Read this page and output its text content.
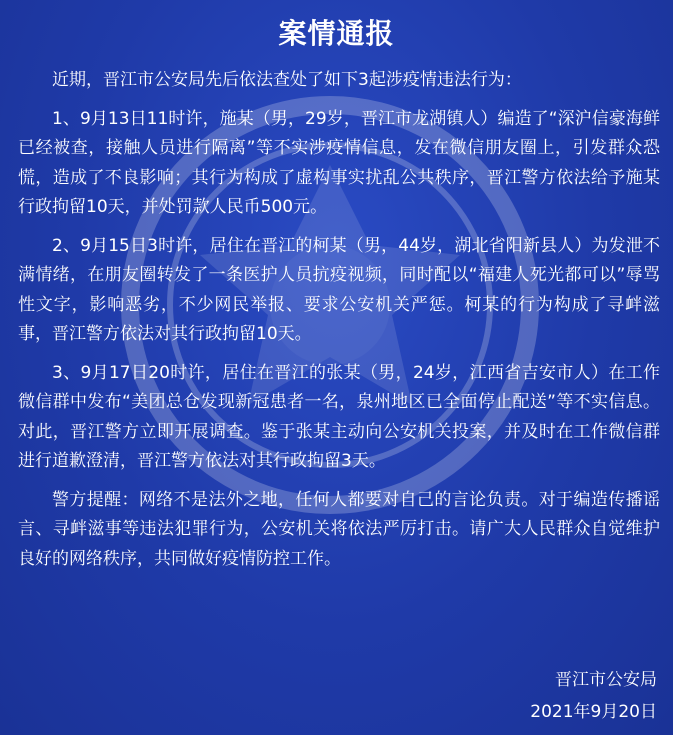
案情通报

近期，晋江市公安局先后依法查处了如下3起涉疫情违法行为：

1、9月13日11时许，施某（男，29岁，晋江市龙湖镇人）编造了“深沪信豪海鲜已经被查，接触人员进行隔离”等不实涉疫情信息，发在微信朋友圈上，引发群众恐慌，造成了不良影响；其行为构成了虚构事实扰乱公共秩序，晋江警方依法给予施某行政拘留10天，并处罚款人民币500元。

2、9月15日3时许，居住在晋江的柯某（男，44岁，湖北省阳新县人）为发泄不满情绪，在朋友圈转发了一条医护人员抗疫视频，同时配以“福建人死光都可以”辱骂性文字，影响恶劣，不少网民举报、要求公安机关严惩。柯某的行为构成了寻衅滋事，晋江警方依法对其行政拘留10天。

3、9月17日20时许，居住在晋江的张某（男，24岁，江西省吉安市人）在工作微信群中发布“美团总仓发现新冠患者一名，泉州地区已全面停止配送”等不实信息。对此，晋江警方立即开展调查。鉴于张某主动向公安机关投案，并及时在工作微信群进行道歉澄清，晋江警方依法对其行政拘留3天。

警方提醒：网络不是法外之地，任何人都要对自己的言论负责。对于编造传播谣言、寻衅滋事等违法犯罪行为，公安机关将依法严厉打击。请广大人民群众自觉维护良好的网络秩序，共同做好疫情防控工作。

晋江市公安局
2021年9月20日
